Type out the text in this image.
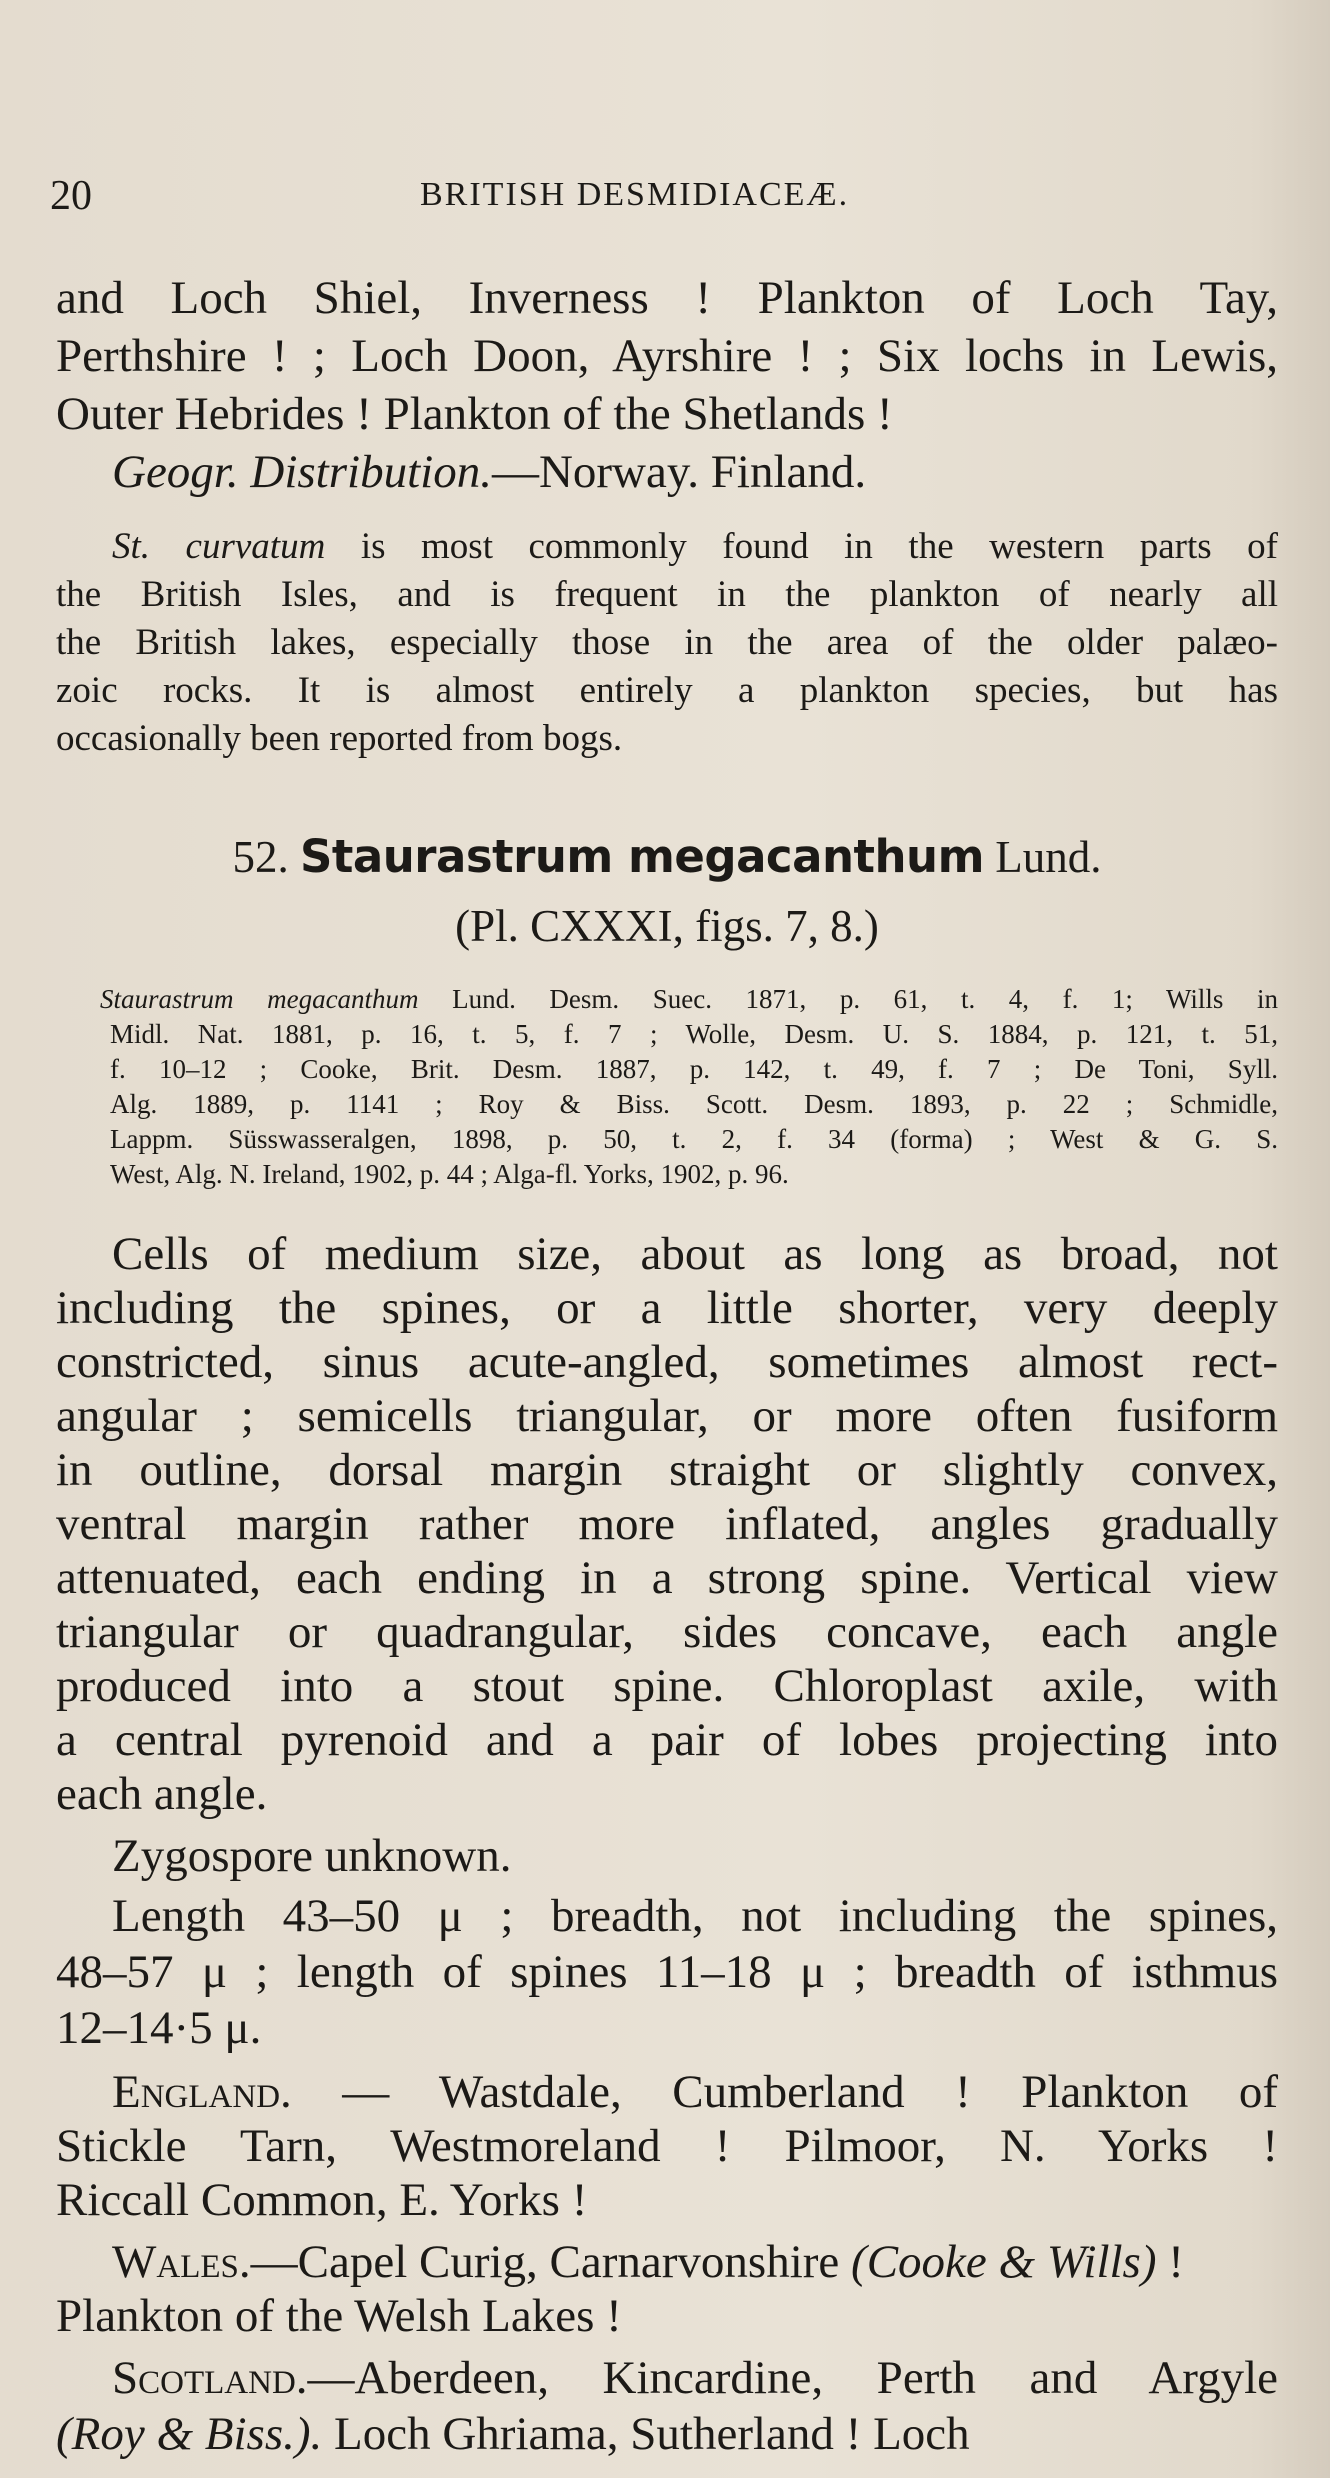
20	BRITISH DESMIDIACEÆ.
and Loch Shiel, Inverness ! Plankton of Loch Tay,
Perthshire ! ; Loch Doon, Ayrshire ! ; Six lochs in Lewis,
Outer Hebrides ! Plankton of the Shetlands !
Geogr. Distribution.—Norway. Finland.
St. curvatum is most commonly found in the western parts of
the British Isles, and is frequent in the plankton of nearly all
the British lakes, especially those in the area of the older palæo-
zoic rocks. It is almost entirely a plankton species, but has
occasionally been reported from bogs.
52. Staurastrum megacanthum Lund.
(Pl. CXXXI, figs. 7, 8.)
Staurastrum megacanthum Lund. Desm. Suec. 1871, p. 61, t. 4, f. 1; Wills in
Midl. Nat. 1881, p. 16, t. 5, f. 7 ; Wolle, Desm. U. S. 1884, p. 121, t. 51,
f. 10–12 ; Cooke, Brit. Desm. 1887, p. 142, t. 49, f. 7 ; De Toni, Syll.
Alg. 1889, p. 1141 ; Roy & Biss. Scott. Desm. 1893, p. 22 ; Schmidle,
Lappm. Süsswasseralgen, 1898, p. 50, t. 2, f. 34 (forma) ; West & G. S.
West, Alg. N. Ireland, 1902, p. 44 ; Alga-fl. Yorks, 1902, p. 96.
Cells of medium size, about as long as broad, not
including the spines, or a little shorter, very deeply
constricted, sinus acute-angled, sometimes almost rect-
angular ; semicells triangular, or more often fusiform
in outline, dorsal margin straight or slightly convex,
ventral margin rather more inflated, angles gradually
attenuated, each ending in a strong spine. Vertical view
triangular or quadrangular, sides concave, each angle
produced into a stout spine. Chloroplast axile, with
a central pyrenoid and a pair of lobes projecting into
each angle.
Zygospore unknown.
Length 43–50 μ ; breadth, not including the spines,
48–57 μ ; length of spines 11–18 μ ; breadth of isthmus
12–14·5 μ.
England. — Wastdale, Cumberland ! Plankton of
Stickle Tarn, Westmoreland ! Pilmoor, N. Yorks !
Riccall Common, E. Yorks !
Wales.—Capel Curig, Carnarvonshire (Cooke & Wills) !
Plankton of the Welsh Lakes !
Scotland.—Aberdeen, Kincardine, Perth and Argyle
(Roy & Biss.). Loch Ghriama, Sutherland ! Loch
